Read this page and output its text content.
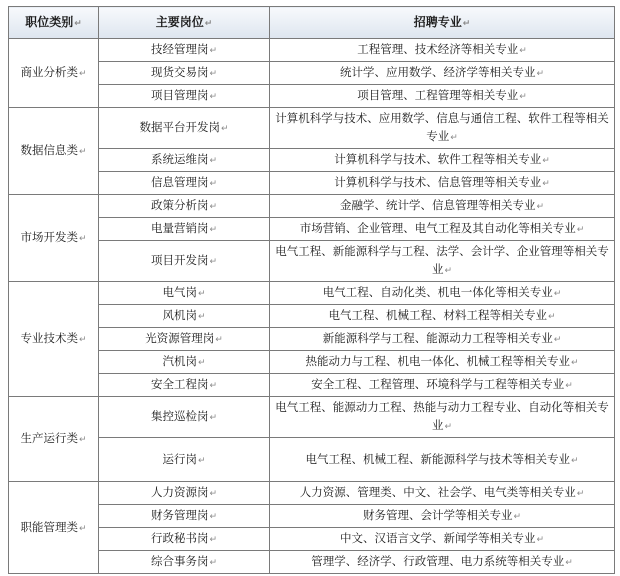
职位类别↵	主要岗位↵	招聘专业↵
商业分析类↵	技经管理岗↵	工程管理、技术经济等相关专业↵
	现货交易岗↵	统计学、应用数学、经济学等相关专业↵
	项目管理岗↵	项目管理、工程管理等相关专业↵
数据信息类↵	数据平台开发岗↵	计算机科学与技术、应用数学、信息与通信工程、软件工程等相关专业↵
	系统运维岗↵	计算机科学与技术、软件工程等相关专业↵
	信息管理岗↵	计算机科学与技术、信息管理等相关专业↵
市场开发类↵	政策分析岗↵	金融学、统计学、信息管理等相关专业↵
	电量营销岗↵	市场营销、企业管理、电气工程及其自动化等相关专业↵
	项目开发岗↵	电气工程、新能源科学与工程、法学、会计学、企业管理等相关专业↵
专业技术类↵	电气岗↵	电气工程、自动化类、机电一体化等相关专业↵
	风机岗↵	电气工程、机械工程、材料工程等相关专业↵
	光资源管理岗↵	新能源科学与工程、能源动力工程等相关专业↵
	汽机岗↵	热能动力与工程、机电一体化、机械工程等相关专业↵
	安全工程岗↵	安全工程、工程管理、环境科学与工程等相关专业↵
生产运行类↵	集控巡检岗↵	电气工程、能源动力工程、热能与动力工程专业、自动化等相关专业↵
	运行岗↵	电气工程、机械工程、新能源科学与技术等相关专业↵
职能管理类↵	人力资源岗↵	人力资源、管理类、中文、社会学、电气类等相关专业↵
	财务管理岗↵	财务管理、会计学等相关专业↵
	行政秘书岗↵	中文、汉语言文学、新闻学等相关专业↵
	综合事务岗↵	管理学、经济学、行政管理、电力系统等相关专业↵
